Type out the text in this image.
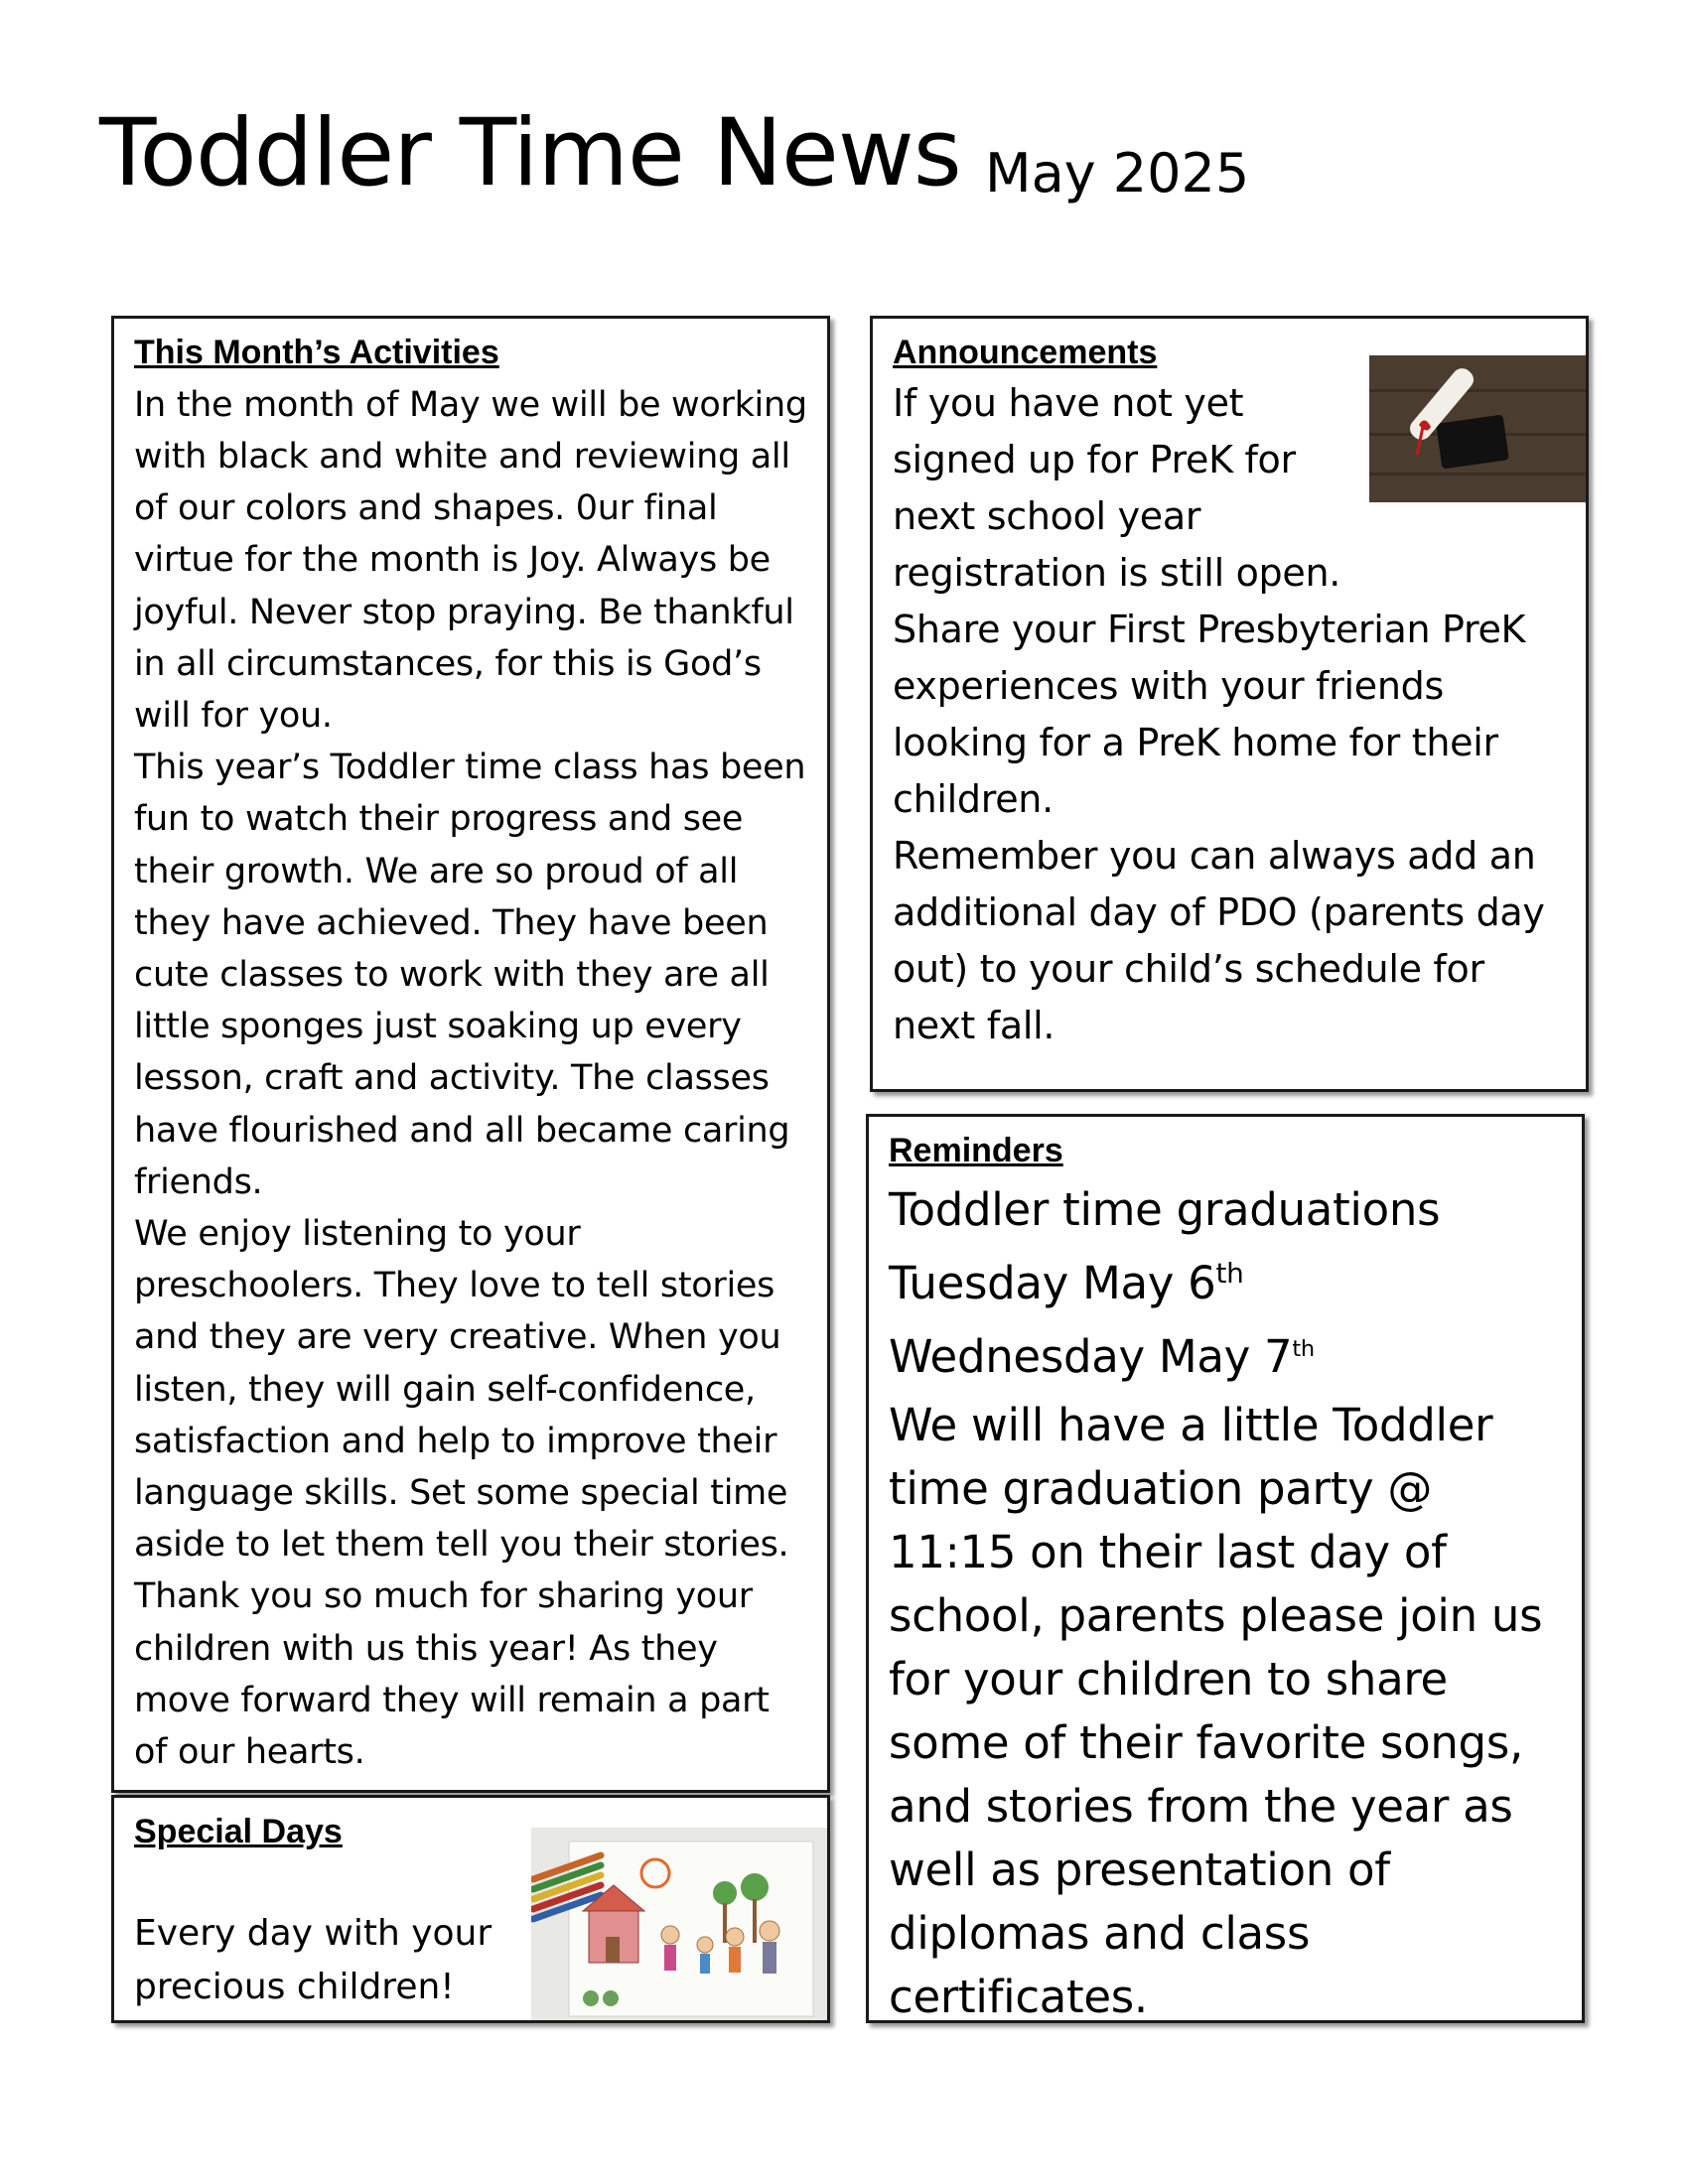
Toddler Time News May 2025
This Month’s Activities

In the month of May we will be working with black and white and reviewing all of our colors and shapes. 0ur final virtue for the month is Joy. Always be joyful. Never stop praying. Be thankful in all circumstances, for this is God’s will for you.

This year’s Toddler time class has been fun to watch their progress and see their growth. We are so proud of all they have achieved. They have been cute classes to work with they are all little sponges just soaking up every lesson, craft and activity. The classes have flourished and all became caring friends.

We enjoy listening to your preschoolers. They love to tell stories and they are very creative. When you listen, they will gain self-confidence, satisfaction and help to improve their language skills. Set some special time aside to let them tell you their stories. Thank you so much for sharing your children with us this year! As they move forward they will remain a part of our hearts.

Special Days
Every day with your precious children!
Announcements

If you have not yet signed up for PreK for next school year registration is still open.

Share your First Presbyterian PreK experiences with your friends looking for a PreK home for their children.

Remember you can always add an additional day of PDO (parents day out) to your child’s schedule for next fall.

Reminders

Toddler time graduations

Tuesday May 6th

Wednesday May 7th

We will have a little Toddler time graduation party @ 11:15 on their last day of school, parents please join us for your children to share some of their favorite songs, and stories from the year as well as presentation of diplomas and class certificates.
